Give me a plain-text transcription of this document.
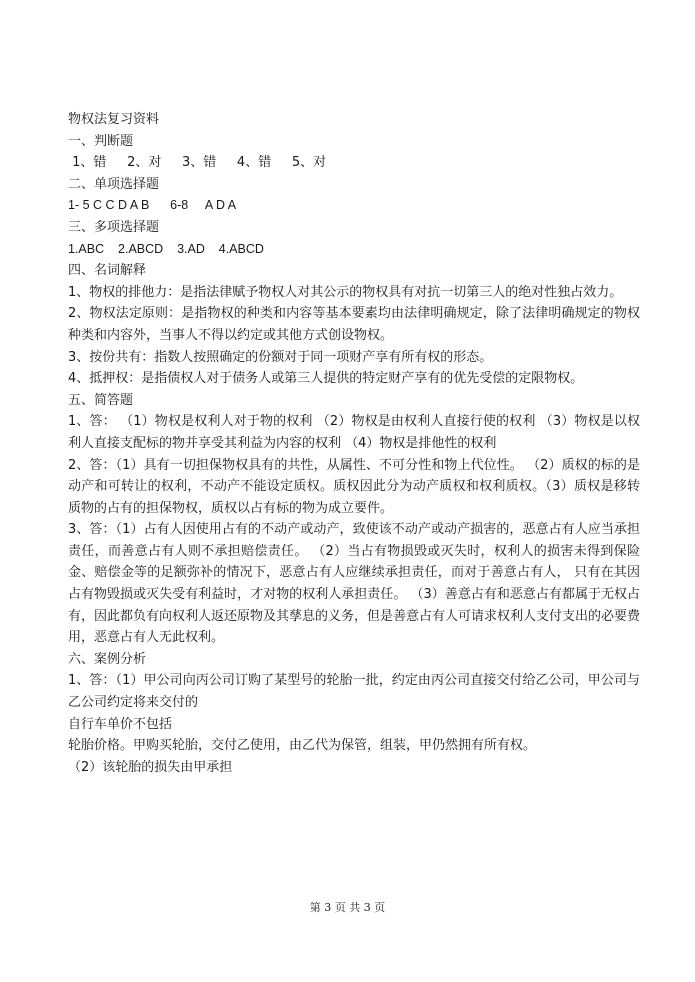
物权法复习资料

一、判断题

1、错     2、对     3、错     4、错     5、对

二、单项选择题

1- 5 C C D A B      6-8     A D A

三、多项选择题

1.ABC    2.ABCD    3.AD    4.ABCD

四、名词解释

1、物权的排他力：是指法律赋予物权人对其公示的物权具有对抗一切第三人的绝对性独占效力。

2、物权法定原则：是指物权的种类和内容等基本要素均由法律明确规定，除了法律明确规定的物权种类和内容外，当事人不得以约定或其他方式创设物权。

3、按份共有：指数人按照确定的份额对于同一项财产享有所有权的形态。

4、抵押权：是指债权人对于债务人或第三人提供的特定财产享有的优先受偿的定限物权。

五、简答题

1、答： （1）物权是权利人对于物的权利 （2）物权是由权利人直接行使的权利 （3）物权是以权利人直接支配标的物并享受其利益为内容的权利 （4）物权是排他性的权利

2、答：（1）具有一切担保物权具有的共性，从属性、不可分性和物上代位性。 （2）质权的标的是动产和可转让的权利，不动产不能设定质权。质权因此分为动产质权和权利质权。（3）质权是移转质物的占有的担保物权，质权以占有标的物为成立要件。

3、答：（1）占有人因使用占有的不动产或动产，致使该不动产或动产损害的，恶意占有人应当承担责任，而善意占有人则不承担赔偿责任。 （2）当占有物损毁或灭失时，权利人的损害未得到保险金、赔偿金等的足额弥补的情况下，恶意占有人应继续承担责任，而对于善意占有人， 只有在其因占有物毁损或灭失受有利益时，才对物的权利人承担责任。 （3）善意占有和恶意占有都属于无权占有，因此都负有向权利人返还原物及其孳息的义务，但是善意占有人可请求权利人支付支出的必要费用，恶意占有人无此权利。

六、案例分析

1、答：（1）甲公司向丙公司订购了某型号的轮胎一批，约定由丙公司直接交付给乙公司，甲公司与乙公司约定将来交付的

自行车单价不包括

轮胎价格。甲购买轮胎，交付乙使用，由乙代为保管，组装，甲仍然拥有所有权。

（2）该轮胎的损失由甲承担

第 3 页 共 3 页
